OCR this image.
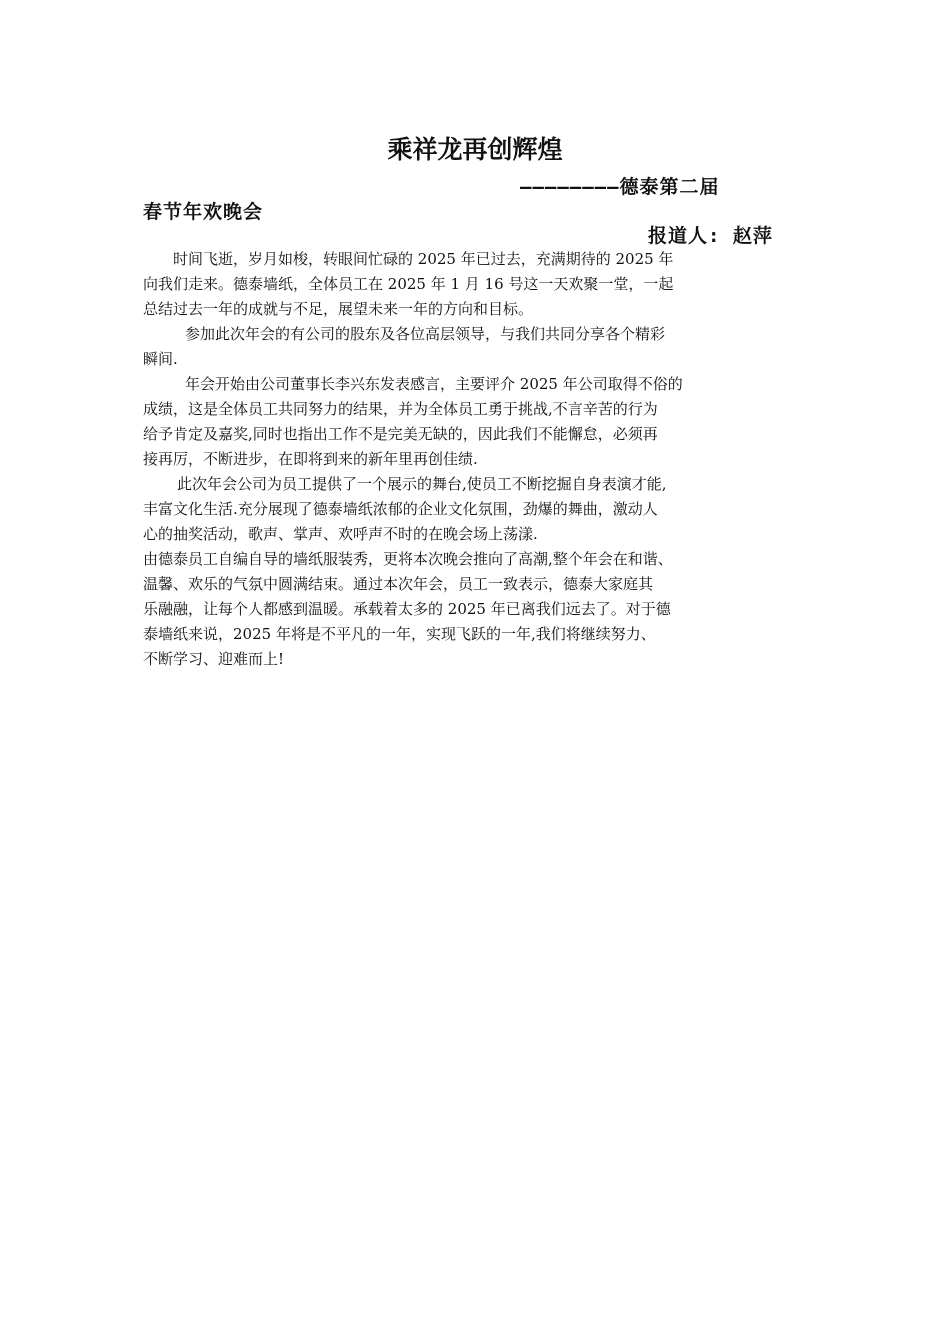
乘祥龙再创辉煌
————————德泰第二届
春节年欢晚会
报道人: 赵萍
时间飞逝，岁月如梭，转眼间忙碌的 2025 年已过去，充满期待的 2025 年
向我们走来。德泰墙纸，全体员工在 2025 年 1 月 16 号这一天欢聚一堂，一起
总结过去一年的成就与不足，展望未来一年的方向和目标。
参加此次年会的有公司的股东及各位高层领导，与我们共同分享各个精彩
瞬间.
年会开始由公司董事长李兴东发表感言，主要评介 2025 年公司取得不俗的
成绩，这是全体员工共同努力的结果，并为全体员工勇于挑战,不言辛苦的行为
给予肯定及嘉奖,同时也指出工作不是完美无缺的，因此我们不能懈怠，必须再
接再厉，不断进步，在即将到来的新年里再创佳绩.
此次年会公司为员工提供了一个展示的舞台,使员工不断挖掘自身表演才能,
丰富文化生活.充分展现了德泰墙纸浓郁的企业文化氛围，劲爆的舞曲，激动人
心的抽奖活动，歌声、掌声、欢呼声不时的在晚会场上荡漾.
由德泰员工自编自导的墙纸服装秀，更将本次晚会推向了高潮,整个年会在和谐、
温馨、欢乐的气氛中圆满结束。通过本次年会，员工一致表示，德泰大家庭其
乐融融，让每个人都感到温暖。承载着太多的 2025 年已离我们远去了。对于德
泰墙纸来说，2025 年将是不平凡的一年，实现飞跃的一年,我们将继续努力、
不断学习、迎难而上!
